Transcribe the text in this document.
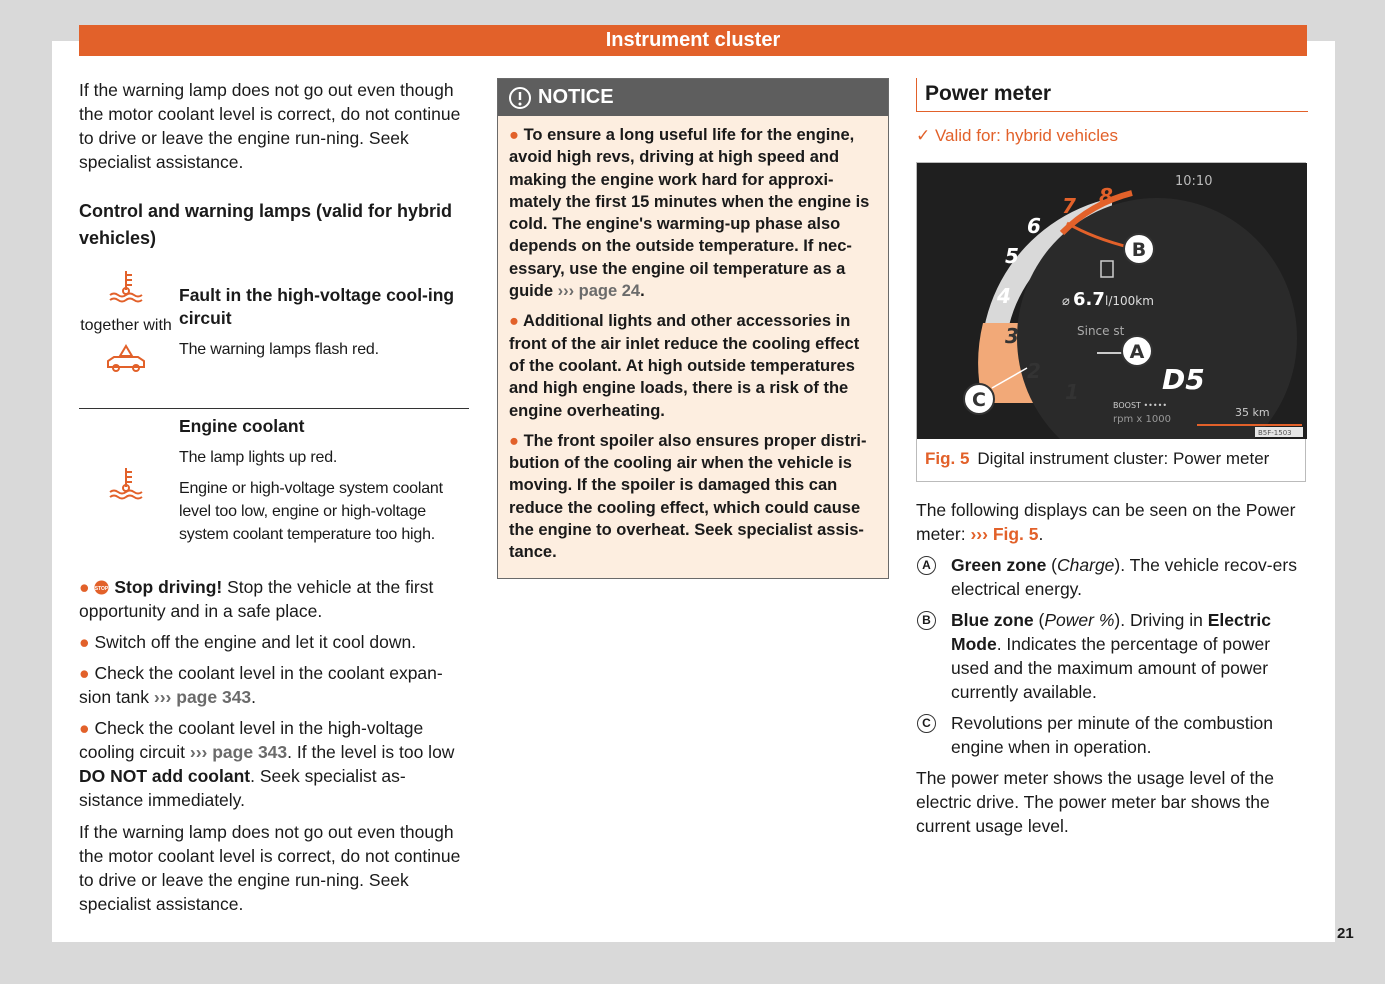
Instrument cluster

If the warning lamp does not go out even though the motor coolant level is correct, do not continue to drive or leave the engine run-ning. Seek specialist assistance.

Control and warning lamps (valid for hybrid vehicles)
together with
Fault in the high-voltage cool-ing circuit
The warning lamps flash red.
Engine coolant
The lamp lights up red.
Engine or high-voltage system coolant level too low, engine or high-voltage system coolant temperature too high.
● STOP Stop driving! Stop the vehicle at the first opportunity and in a safe place.
● Switch off the engine and let it cool down.
● Check the coolant level in the coolant expan-sion tank ››› page 343.
● Check the coolant level in the high-voltage cooling circuit ››› page 343. If the level is too low DO NOT add coolant. Seek specialist as-sistance immediately.

If the warning lamp does not go out even though the motor coolant level is correct, do not continue to drive or leave the engine run-ning. Seek specialist assistance.

NOTICE

● To ensure a long useful life for the engine, avoid high revs, driving at high speed and making the engine work hard for approxi-mately the first 15 minutes when the engine is cold. The engine's warming-up phase also depends on the outside temperature. If nec-essary, use the engine oil temperature as a guide ››› page 24.

● Additional lights and other accessories in front of the air inlet reduce the cooling effect of the coolant. At high outside temperatures and high engine loads, there is a risk of the engine overheating.

● The front spoiler also ensures proper distri-bution of the cooling air when the vehicle is moving. If the spoiler is damaged this can reduce the cooling effect, which could cause the engine to overheat. Seek specialist assis-tance.

Power meter
✓ Valid for: hybrid vehicles
1
2
3
4
5
6
7 8
10:10
⌀ 6.7 l/100km
Since st
D5
BOOST •••••
rpm x 1000
35 km
B5F-1503
A
B
C
Fig. 5 Digital instrument cluster: Power meter

The following displays can be seen on the Power meter: ››› Fig. 5.

A Green zone (Charge). The vehicle recov-ers electrical energy.
B Blue zone (Power %). Driving in Electric Mode. Indicates the percentage of power used and the maximum amount of power currently available.
C Revolutions per minute of the combustion engine when in operation.

The power meter shows the usage level of the electric drive. The power meter bar shows the current usage level.

21
